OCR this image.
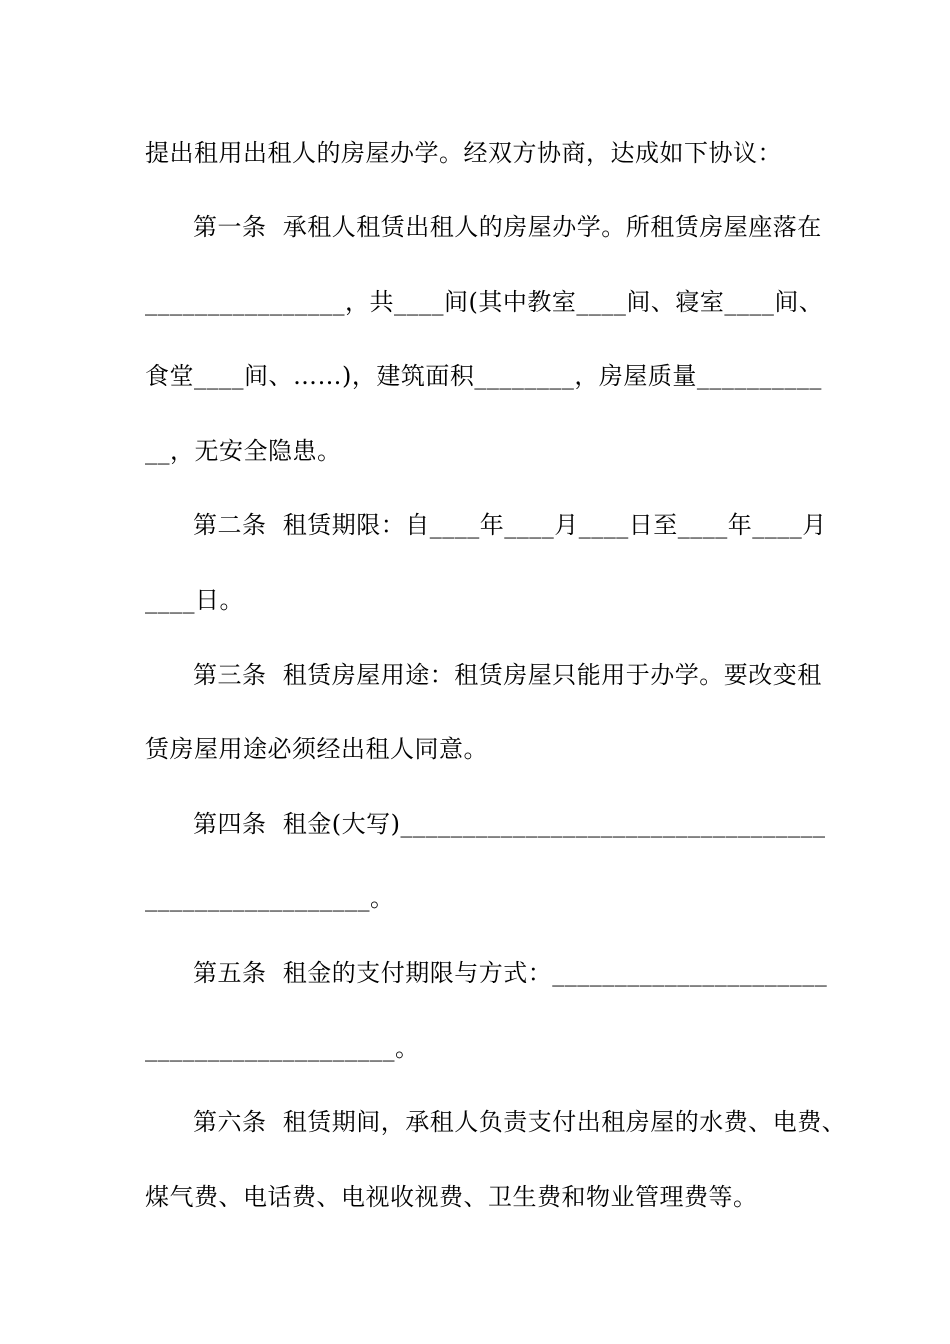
提出租用出租人的房屋办学。经双方协商，达成如下协议：
第一条  承租人租赁出租人的房屋办学。所租赁房屋座落在
________________，共____间(其中教室____间、寝室____间、
食堂____间、……)，建筑面积________，房屋质量__________
__，无安全隐患。
第二条  租赁期限：自____年____月____日至____年____月
____日。
第三条  租赁房屋用途：租赁房屋只能用于办学。要改变租
赁房屋用途必须经出租人同意。
第四条  租金(大写)__________________________________
__________________。
第五条  租金的支付期限与方式：______________________
____________________。
第六条  租赁期间，承租人负责支付出租房屋的水费、电费、
煤气费、电话费、电视收视费、卫生费和物业管理费等。
